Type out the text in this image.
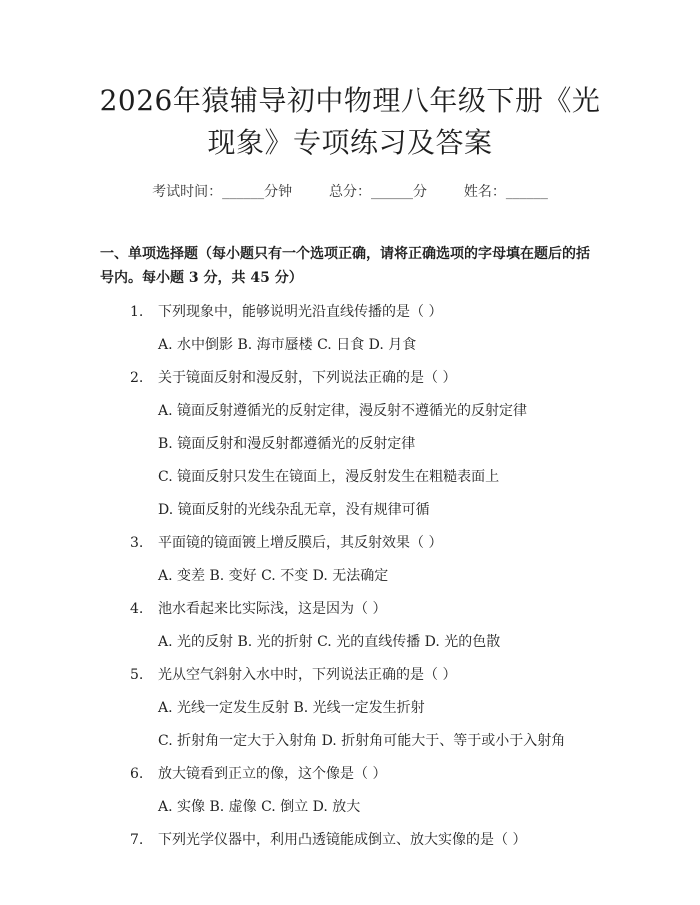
2026年猿辅导初中物理八年级下册《光现象》专项练习及答案
考试时间：______分钟	总分：______分	姓名：______
一、单项选择题（每小题只有一个选项正确，请将正确选项的字母填在题后的括号内。每小题 3 分，共 45 分）
1. 下列现象中，能够说明光沿直线传播的是（ ）
A. 水中倒影 B. 海市蜃楼 C. 日食 D. 月食
2. 关于镜面反射和漫反射，下列说法正确的是（ ）
A. 镜面反射遵循光的反射定律，漫反射不遵循光的反射定律
B. 镜面反射和漫反射都遵循光的反射定律
C. 镜面反射只发生在镜面上，漫反射发生在粗糙表面上
D. 镜面反射的光线杂乱无章，没有规律可循
3. 平面镜的镜面镀上增反膜后，其反射效果（ ）
A. 变差 B. 变好 C. 不变 D. 无法确定
4. 池水看起来比实际浅，这是因为（ ）
A. 光的反射 B. 光的折射 C. 光的直线传播 D. 光的色散
5. 光从空气斜射入水中时，下列说法正确的是（ ）
A. 光线一定发生反射 B. 光线一定发生折射
C. 折射角一定大于入射角 D. 折射角可能大于、等于或小于入射角
6. 放大镜看到正立的像，这个像是（ ）
A. 实像 B. 虚像 C. 倒立 D. 放大
7. 下列光学仪器中，利用凸透镜能成倒立、放大实像的是（ ）
